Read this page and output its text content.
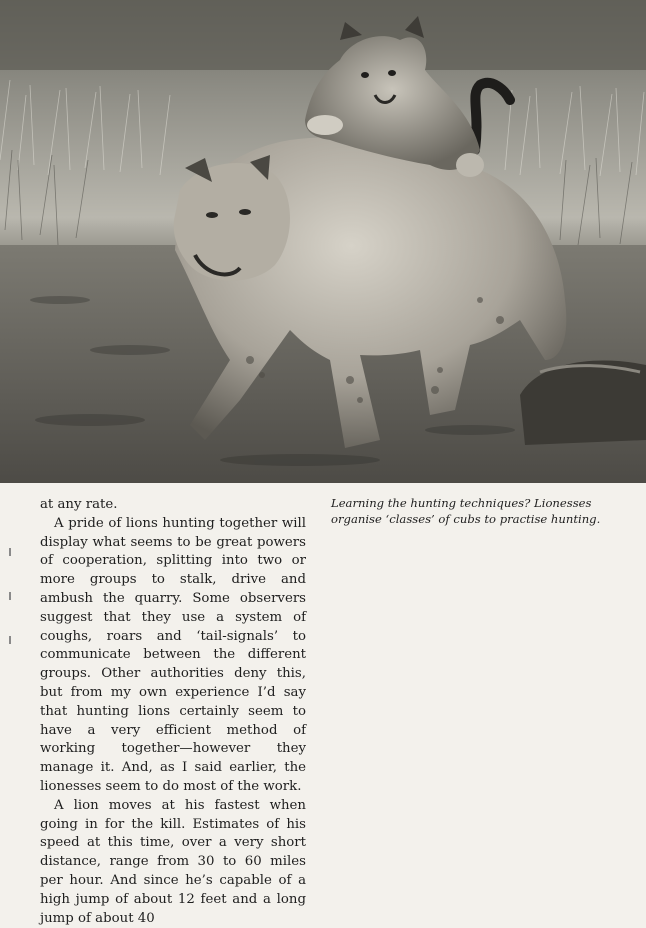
at any rate.

A pride of lions hunting together will display what seems to be great powers of cooperation, splitting into two or more groups to stalk, drive and ambush the quarry. Some observers suggest that they use a system of coughs, roars and ‘tail-signals’ to communicate between the different groups. Other authorities deny this, but from my own experience I’d say that hunting lions certainly seem to have a very efficient method of working together—however they manage it. And, as I said earlier, the lionesses seem to do most of the work.

A lion moves at his fastest when going in for the kill. Estimates of his speed at this time, over a very short distance, range from 30 to 60 miles per hour. And since he’s capable of a high jump of about 12 feet and a long jump of about 40

Learning the hunting techniques? Lionesses organise ‘classes’ of cubs to practise hunting.
